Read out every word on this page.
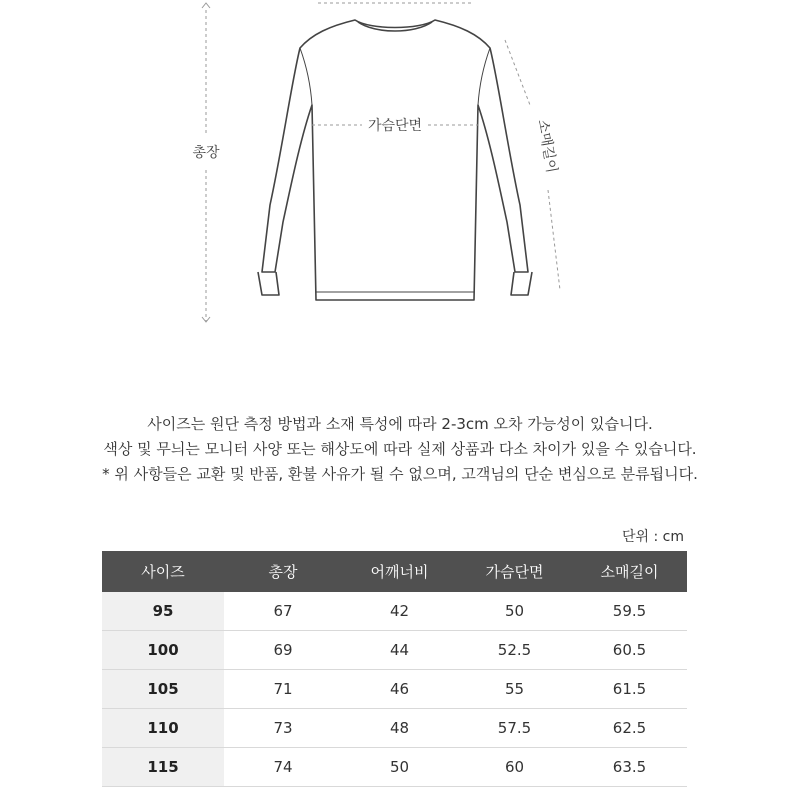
총장
가슴단면	소매길이
사이즈는 원단 측정 방법과 소재 특성에 따라 2-3cm 오차 가능성이 있습니다.
색상 및 무늬는 모니터 사양 또는 해상도에 따라 실제 상품과 다소 차이가 있을 수 있습니다.
* 위 사항들은 교환 및 반품, 환불 사유가 될 수 없으며, 고객님의 단순 변심으로 분류됩니다.
단위 : cm
사이즈	총장	어깨너비	가슴단면	소매길이
95	67	42	50	59.5
100	69	44	52.5	60.5
105	71	46	55	61.5
110	73	48	57.5	62.5
115	74	50	60	63.5
